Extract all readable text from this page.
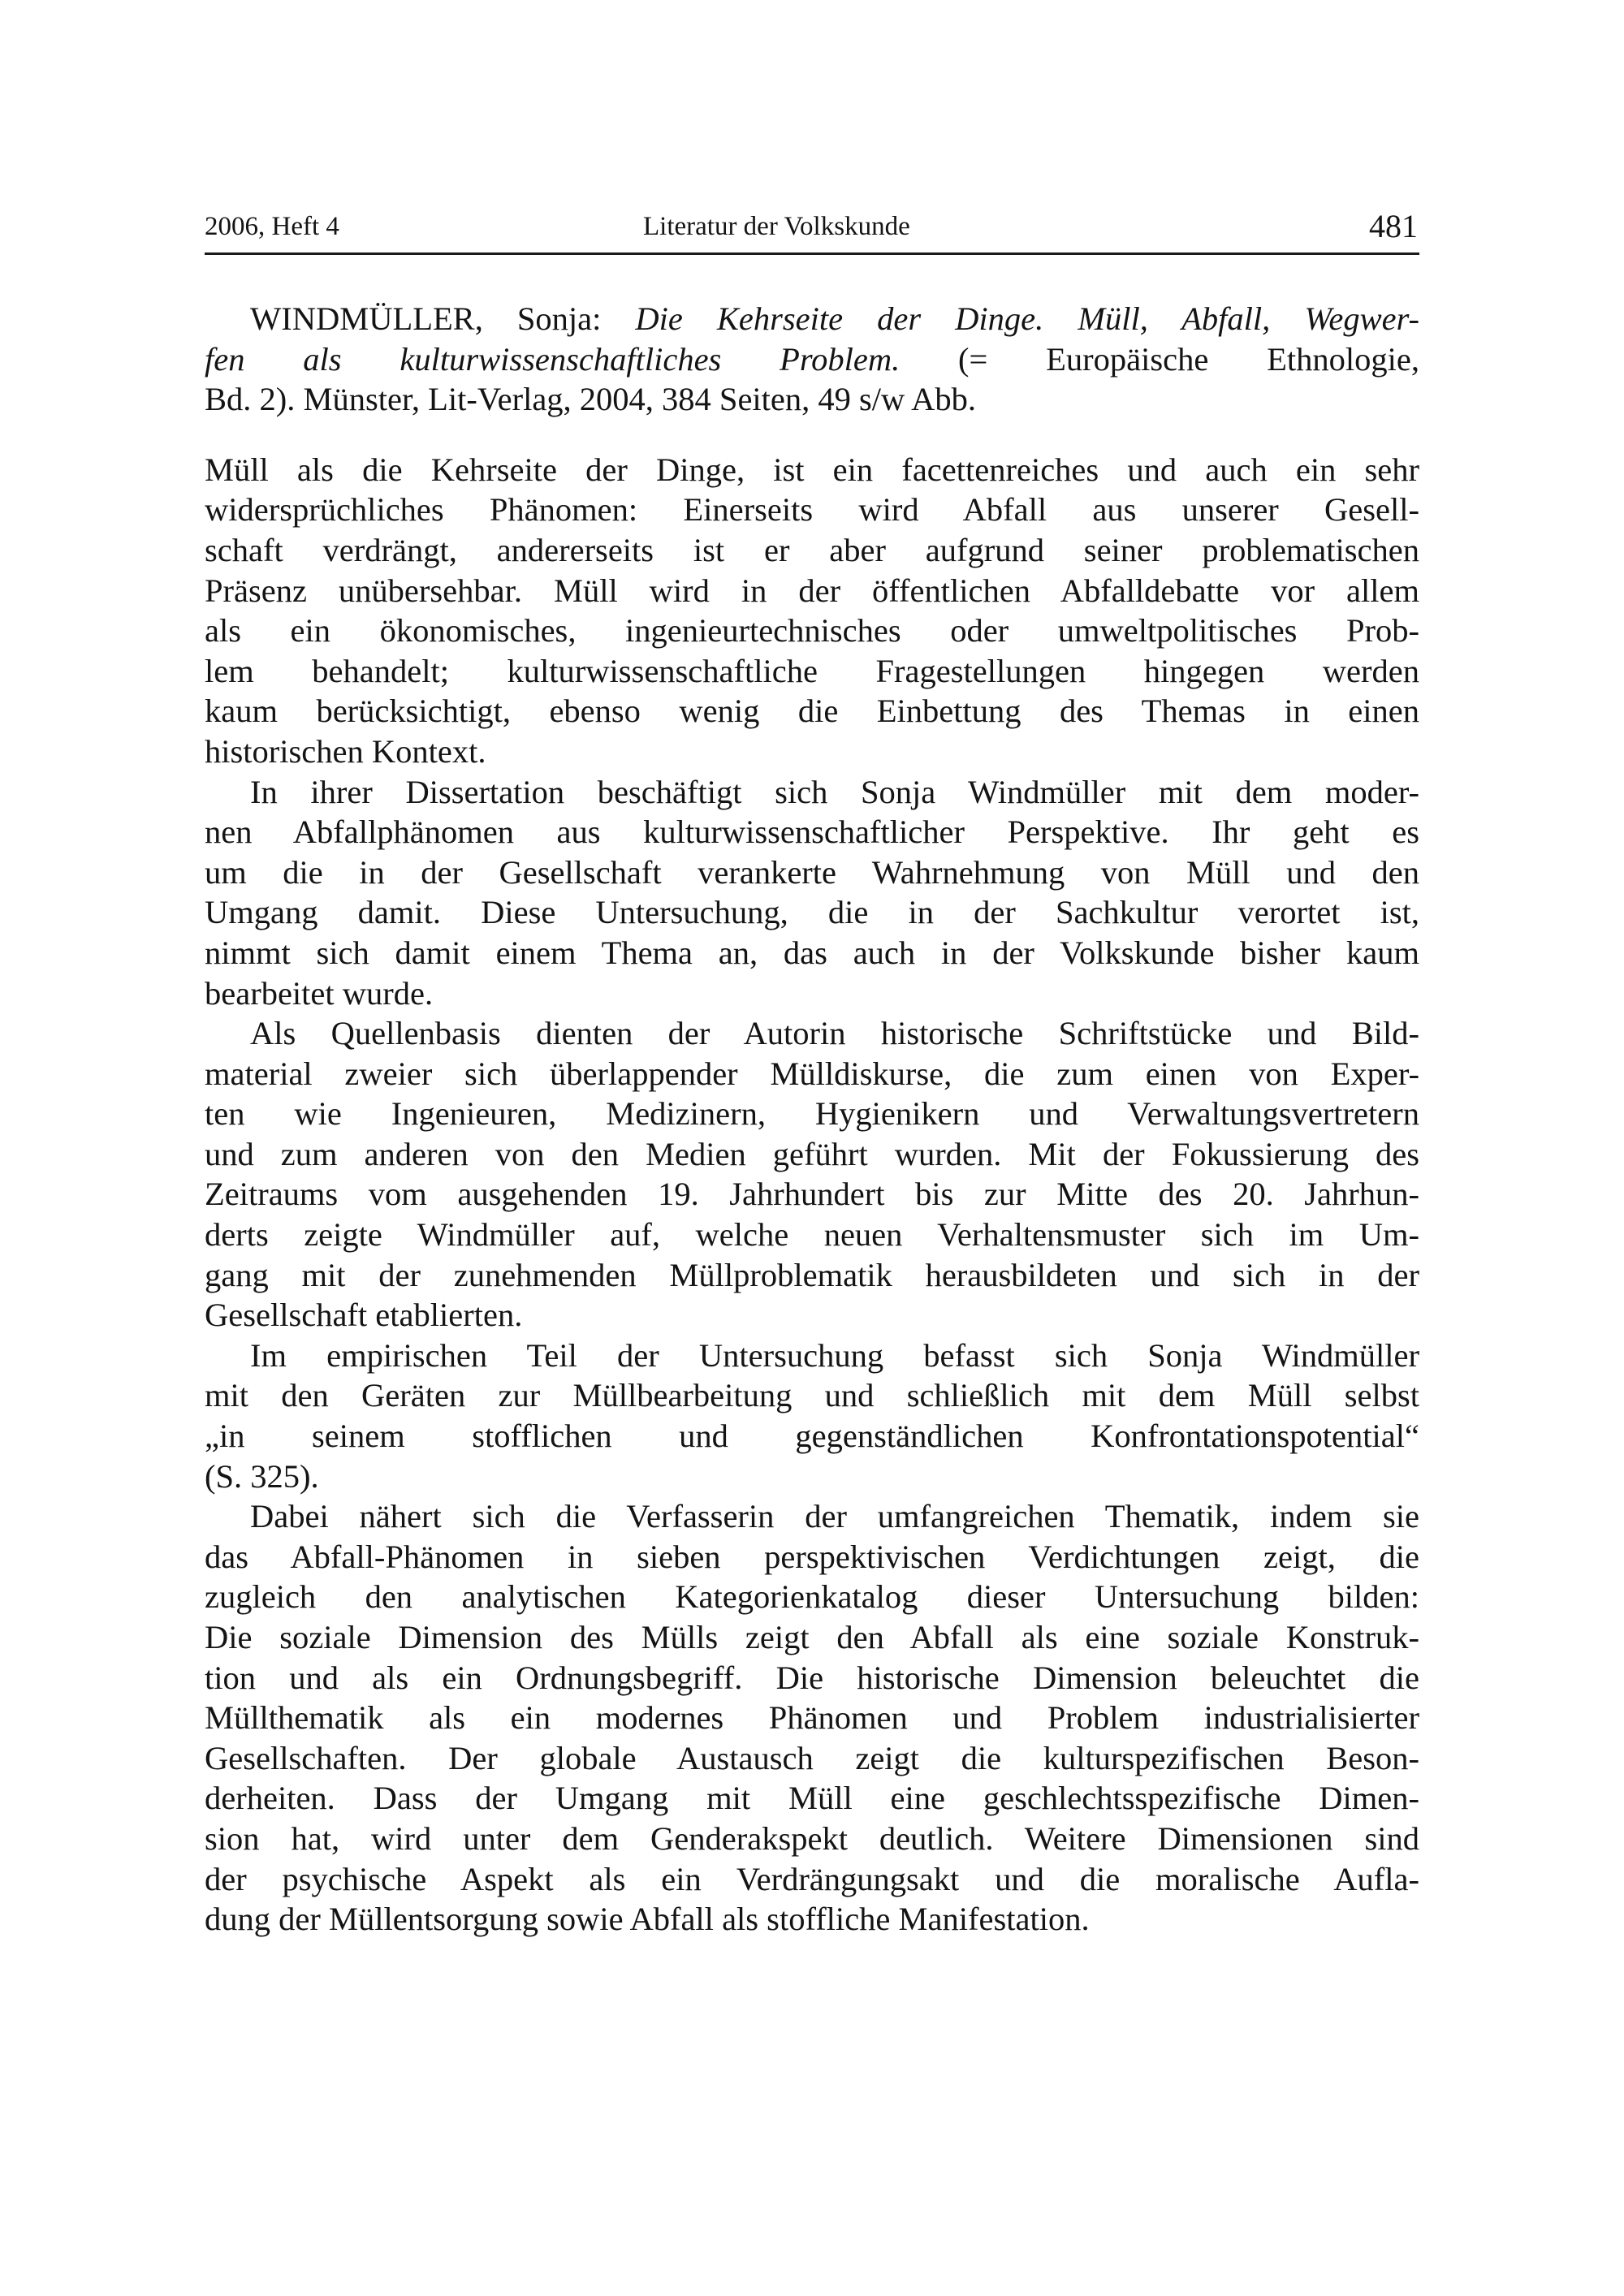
2006, Heft 4	Literatur der Volkskunde	481
WINDMÜLLER, Sonja: Die Kehrseite der Dinge. Müll, Abfall, Wegwer-
fen als kulturwissenschaftliches Problem. (= Europäische Ethnologie,
Bd. 2). Münster, Lit-Verlag, 2004, 384 Seiten, 49 s/w Abb.
Müll als die Kehrseite der Dinge, ist ein facettenreiches und auch ein sehr
widersprüchliches Phänomen: Einerseits wird Abfall aus unserer Gesell-
schaft verdrängt, andererseits ist er aber aufgrund seiner problematischen
Präsenz unübersehbar. Müll wird in der öffentlichen Abfalldebatte vor allem
als ein ökonomisches, ingenieurtechnisches oder umweltpolitisches Prob-
lem behandelt; kulturwissenschaftliche Fragestellungen hingegen werden
kaum berücksichtigt, ebenso wenig die Einbettung des Themas in einen
historischen Kontext.
In ihrer Dissertation beschäftigt sich Sonja Windmüller mit dem moder-
nen Abfallphänomen aus kulturwissenschaftlicher Perspektive. Ihr geht es
um die in der Gesellschaft verankerte Wahrnehmung von Müll und den
Umgang damit. Diese Untersuchung, die in der Sachkultur verortet ist,
nimmt sich damit einem Thema an, das auch in der Volkskunde bisher kaum
bearbeitet wurde.
Als Quellenbasis dienten der Autorin historische Schriftstücke und Bild-
material zweier sich überlappender Mülldiskurse, die zum einen von Exper-
ten wie Ingenieuren, Medizinern, Hygienikern und Verwaltungsvertretern
und zum anderen von den Medien geführt wurden. Mit der Fokussierung des
Zeitraums vom ausgehenden 19. Jahrhundert bis zur Mitte des 20. Jahrhun-
derts zeigte Windmüller auf, welche neuen Verhaltensmuster sich im Um-
gang mit der zunehmenden Müllproblematik herausbildeten und sich in der
Gesellschaft etablierten.
Im empirischen Teil der Untersuchung befasst sich Sonja Windmüller
mit den Geräten zur Müllbearbeitung und schließlich mit dem Müll selbst
„in seinem stofflichen und gegenständlichen Konfrontationspotential“
(S. 325).
Dabei nähert sich die Verfasserin der umfangreichen Thematik, indem sie
das Abfall-Phänomen in sieben perspektivischen Verdichtungen zeigt, die
zugleich den analytischen Kategorienkatalog dieser Untersuchung bilden:
Die soziale Dimension des Mülls zeigt den Abfall als eine soziale Konstruk-
tion und als ein Ordnungsbegriff. Die historische Dimension beleuchtet die
Müllthematik als ein modernes Phänomen und Problem industrialisierter
Gesellschaften. Der globale Austausch zeigt die kulturspezifischen Beson-
derheiten. Dass der Umgang mit Müll eine geschlechtsspezifische Dimen-
sion hat, wird unter dem Genderakspekt deutlich. Weitere Dimensionen sind
der psychische Aspekt als ein Verdrängungsakt und die moralische Aufla-
dung der Müllentsorgung sowie Abfall als stoffliche Manifestation.
